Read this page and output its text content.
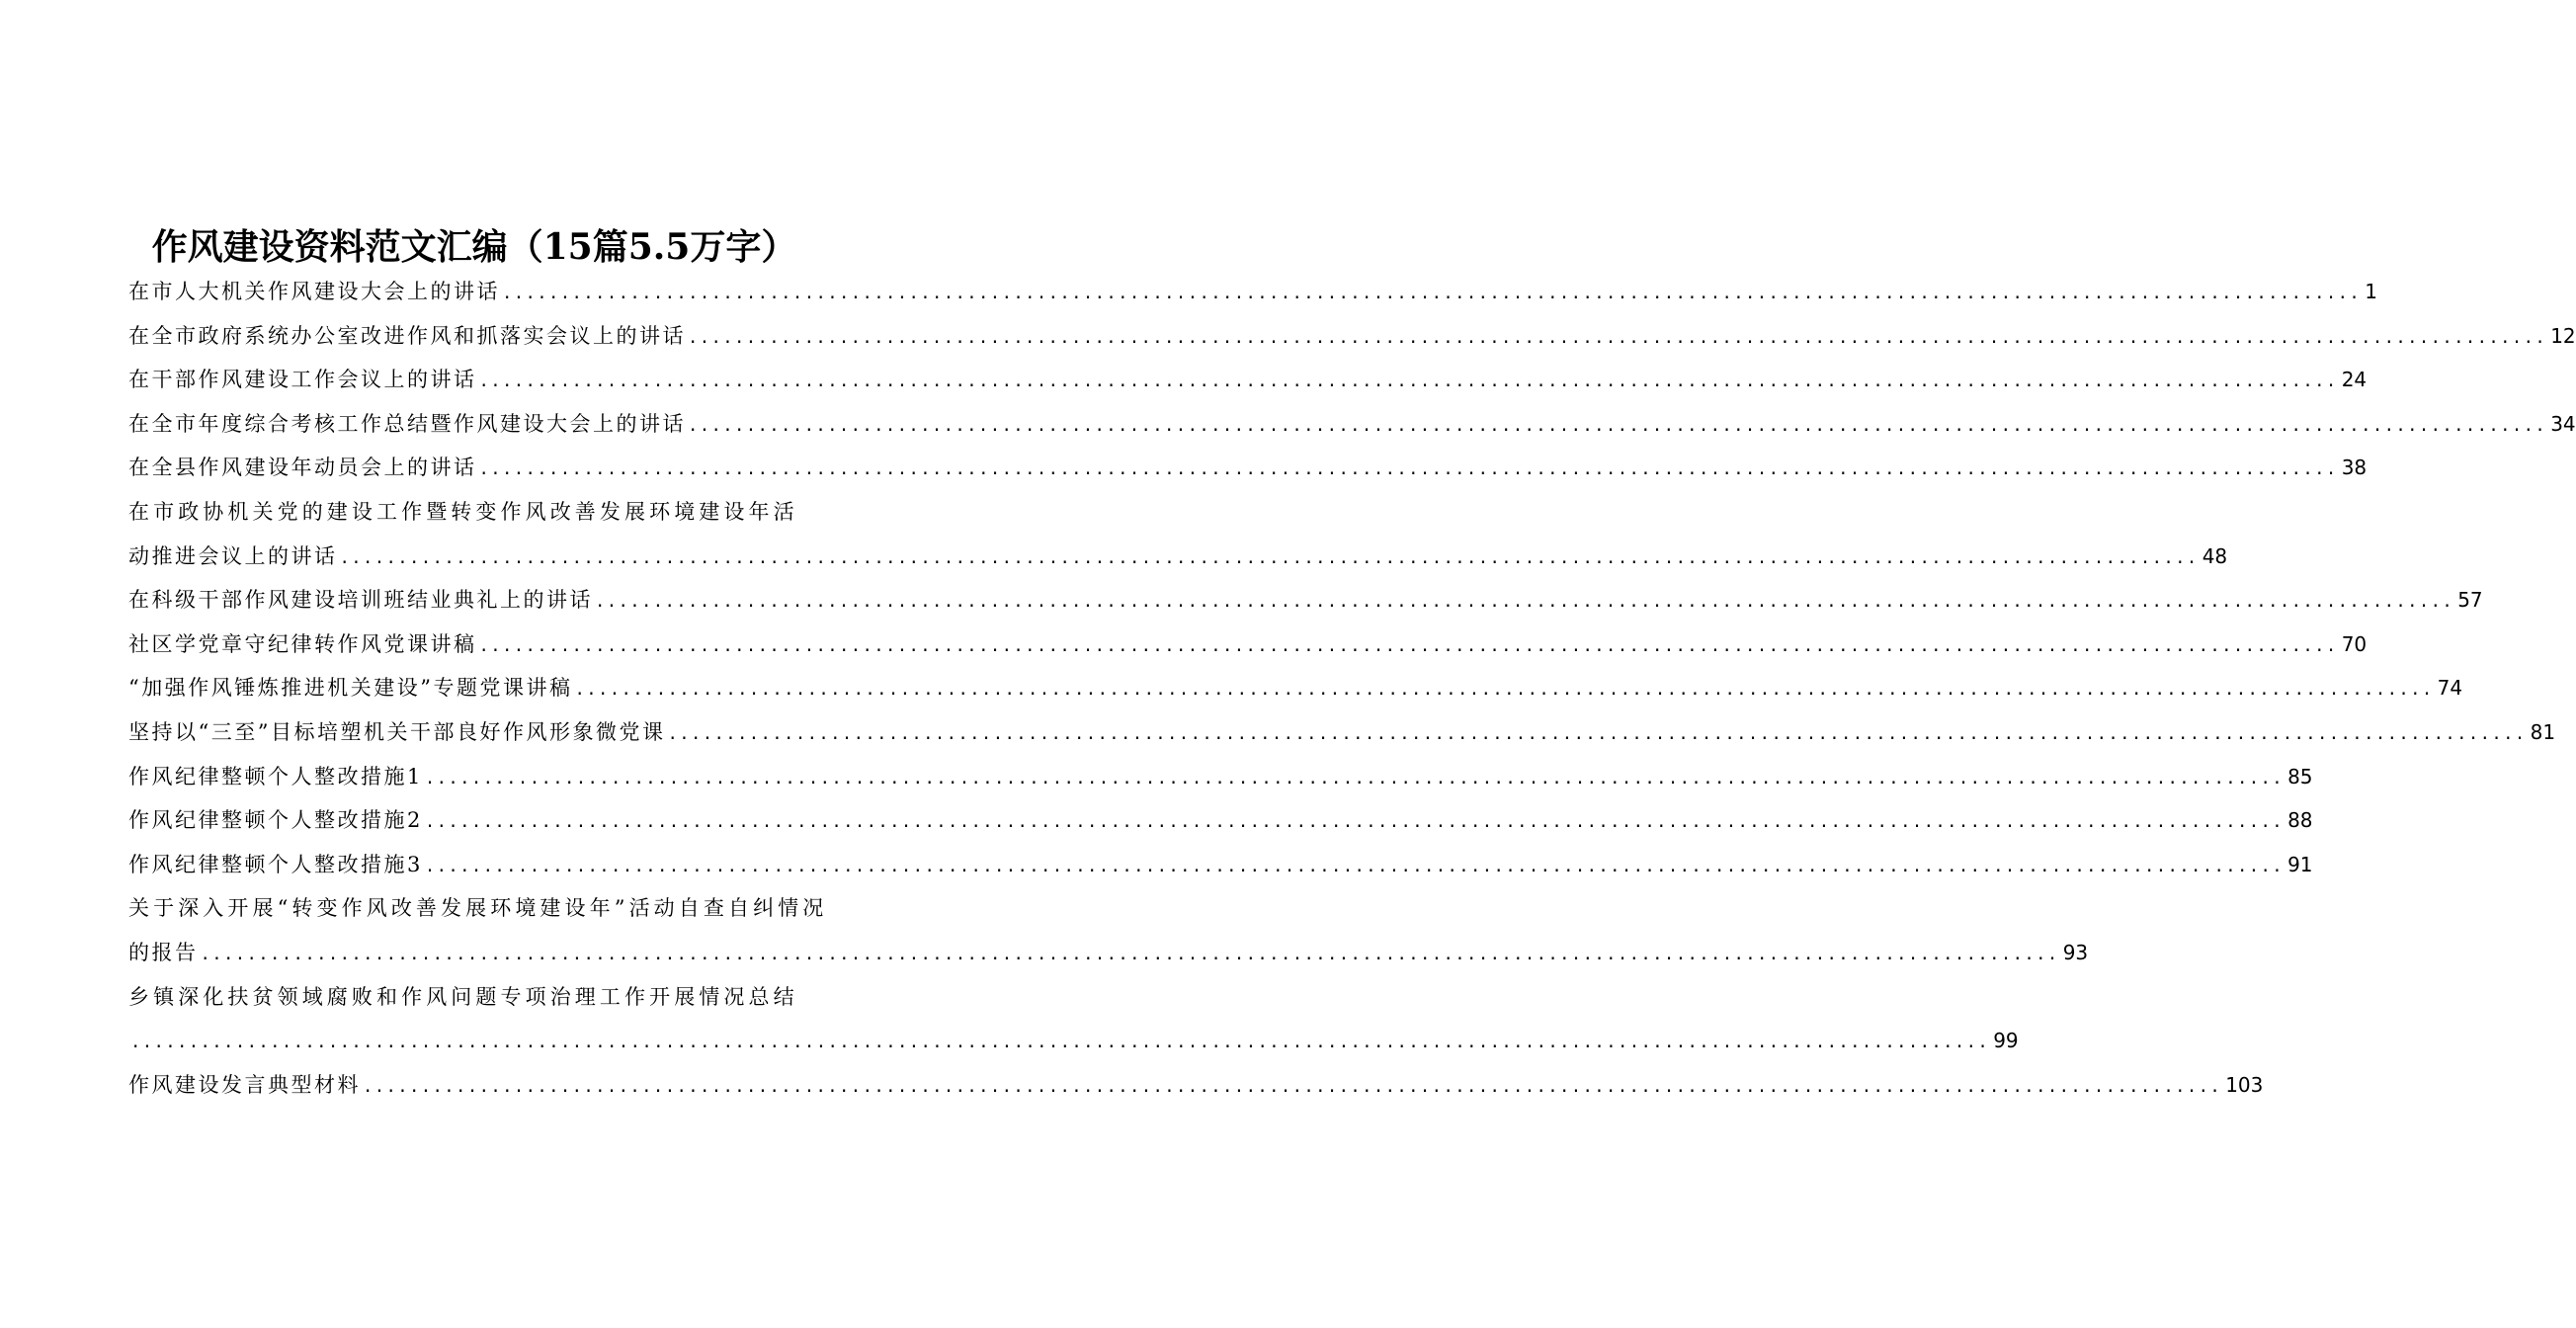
作风建设资料范文汇编（15篇5.5万字）
在市人大机关作风建设大会上的讲话 ................................................................................................................................................................ 1
在全市政府系统办公室改进作风和抓落实会议上的讲话 ................................................................................................................................................................ 12
在干部作风建设工作会议上的讲话 ................................................................................................................................................................ 24
在全市年度综合考核工作总结暨作风建设大会上的讲话 ................................................................................................................................................................ 34
在全县作风建设年动员会上的讲话 ................................................................................................................................................................ 38
在市政协机关党的建设工作暨转变作风改善发展环境建设年活
动推进会议上的讲话 ................................................................................................................................................................ 48
在科级干部作风建设培训班结业典礼上的讲话 ................................................................................................................................................................ 57
社区学党章守纪律转作风党课讲稿 ................................................................................................................................................................ 70
“加强作风锤炼推进机关建设”专题党课讲稿 ................................................................................................................................................................ 74
坚持以“三至”目标培塑机关干部良好作风形象微党课 ................................................................................................................................................................ 81
作风纪律整顿个人整改措施1 ................................................................................................................................................................ 85
作风纪律整顿个人整改措施2 ................................................................................................................................................................ 88
作风纪律整顿个人整改措施3 ................................................................................................................................................................ 91
关于深入开展“转变作风改善发展环境建设年”活动自查自纠情况
的报告 ................................................................................................................................................................ 93
乡镇深化扶贫领域腐败和作风问题专项治理工作开展情况总结
................................................................................................................................................................ 99
作风建设发言典型材料 ................................................................................................................................................................ 103
